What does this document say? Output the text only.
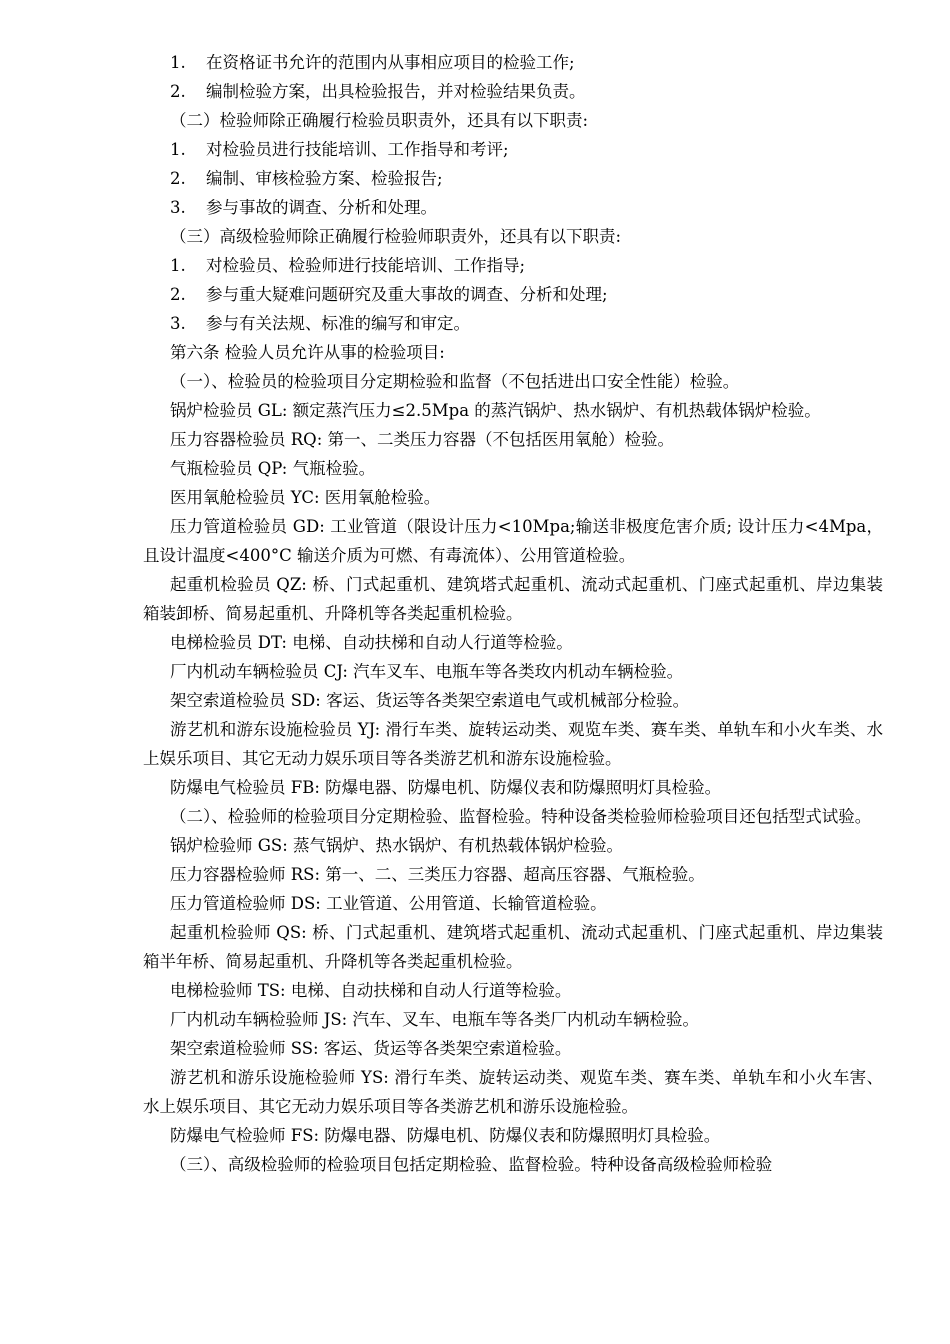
1. 在资格证书允许的范围内从事相应项目的检验工作;

2. 编制检验方案，出具检验报告，并对检验结果负责。

（二）检验师除正确履行检验员职责外，还具有以下职责:

1. 对检验员进行技能培训、工作指导和考评;

2. 编制、审核检验方案、检验报告;

3. 参与事故的调查、分析和处理。

（三）高级检验师除正确履行检验师职责外，还具有以下职责:

1. 对检验员、检验师进行技能培训、工作指导;

2. 参与重大疑难问题研究及重大事故的调查、分析和处理;

3. 参与有关法规、标准的编写和审定。

第六条 检验人员允许从事的检验项目:

（一）、检验员的检验项目分定期检验和监督（不包括进出口安全性能）检验。

锅炉检验员 GL: 额定蒸汽压力≤2.5Mpa 的蒸汽锅炉、热水锅炉、有机热载体锅炉检验。

压力容器检验员 RQ: 第一、二类压力容器（不包括医用氧舱）检验。

气瓶检验员 QP: 气瓶检验。

医用氧舱检验员 YC: 医用氧舱检验。

压力管道检验员 GD: 工业管道（限设计压力<10Mpa;输送非极度危害介质; 设计压力<4Mpa，且设计温度<400°C 输送介质为可燃、有毒流体）、公用管道检验。

起重机检验员 QZ: 桥、门式起重机、建筑塔式起重机、流动式起重机、门座式起重机、岸边集装箱装卸桥、简易起重机、升降机等各类起重机检验。

电梯检验员 DT: 电梯、自动扶梯和自动人行道等检验。

厂内机动车辆检验员 CJ: 汽车叉车、电瓶车等各类玫内机动车辆检验。

架空索道检验员 SD: 客运、货运等各类架空索道电气或机械部分检验。

游艺机和游东设施检验员 YJ: 滑行车类、旋转运动类、观览车类、赛车类、单轨车和小火车类、水上娱乐项目、其它无动力娱乐项目等各类游艺机和游东设施检验。

防爆电气检验员 FB: 防爆电器、防爆电机、防爆仪表和防爆照明灯具检验。

（二）、检验师的检验项目分定期检验、监督检验。特种设备类检验师检验项目还包括型式试验。

锅炉检验师 GS: 蒸气锅炉、热水锅炉、有机热载体锅炉检验。

压力容器检验师 RS: 第一、二、三类压力容器、超高压容器、气瓶检验。

压力管道检验师 DS: 工业管道、公用管道、长输管道检验。

起重机检验师 QS: 桥、门式起重机、建筑塔式起重机、流动式起重机、门座式起重机、岸边集装箱半年桥、简易起重机、升降机等各类起重机检验。

电梯检验师 TS: 电梯、自动扶梯和自动人行道等检验。

厂内机动车辆检验师 JS: 汽车、叉车、电瓶车等各类厂内机动车辆检验。

架空索道检验师 SS: 客运、货运等各类架空索道检验。

游艺机和游乐设施检验师 YS: 滑行车类、旋转运动类、观览车类、赛车类、单轨车和小火车害、水上娱乐项目、其它无动力娱乐项目等各类游艺机和游乐设施检验。

防爆电气检验师 FS: 防爆电器、防爆电机、防爆仪表和防爆照明灯具检验。

（三）、高级检验师的检验项目包括定期检验、监督检验。特种设备高级检验师检验
